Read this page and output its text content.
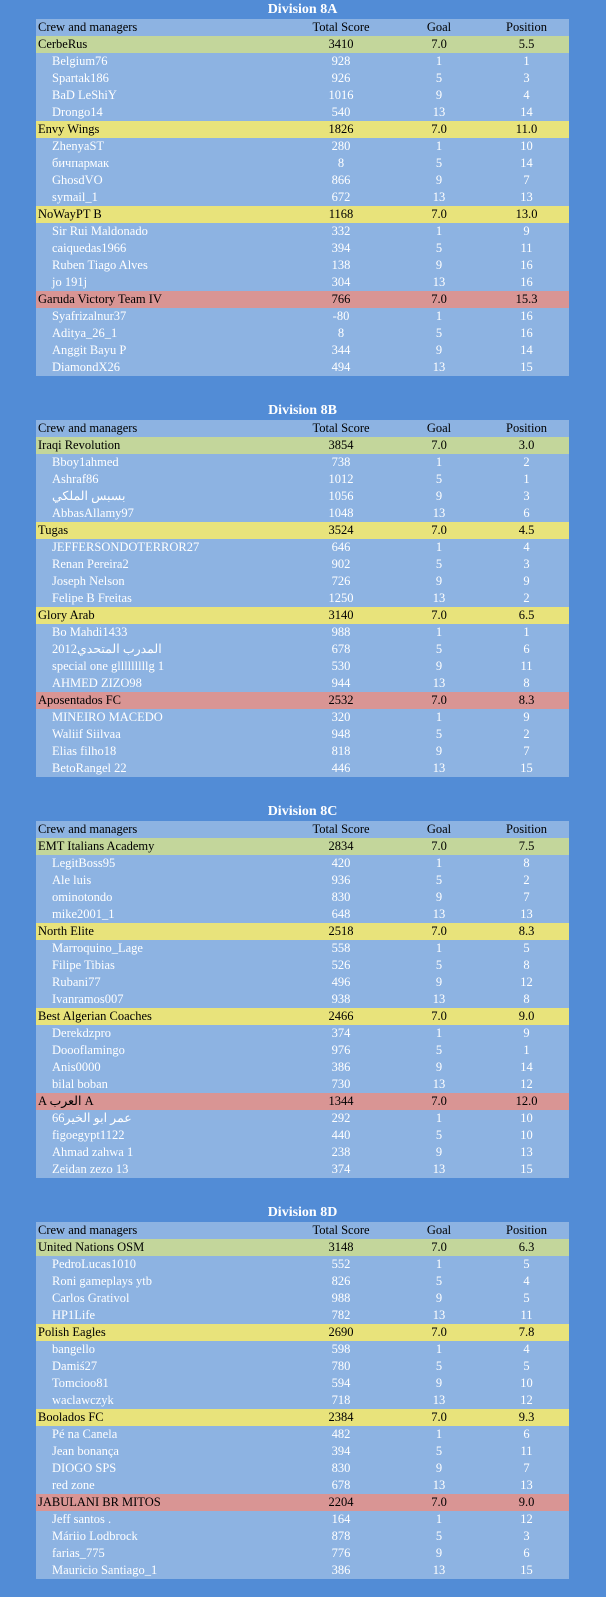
Division 8A
Crew and managers	Total Score	Goal	Position
CerbeRus	3410	7.0	5.5
Belgium76	928	1	1
Spartak186	926	5	3
BaD LeShiY	1016	9	4
Drongo14	540	13	14
Envy Wings	1826	7.0	11.0
ZhenyaST	280	1	10
бичпармак	8	5	14
GhosdVO	866	9	7
symail_1	672	13	13
NoWayPT B	1168	7.0	13.0
Sir Rui Maldonado	332	1	9
caiquedas1966	394	5	11
Ruben Tiago Alves	138	9	16
jo 191j	304	13	16
Garuda Victory Team IV	766	7.0	15.3
Syafrizalnur37	-80	1	16
Aditya_26_1	8	5	16
Anggit Bayu P	344	9	14
DiamondX26	494	13	15
Division 8B
Crew and managers	Total Score	Goal	Position
Iraqi Revolution	3854	7.0	3.0
Bboy1ahmed	738	1	2
Ashraf86	1012	5	1
بسبس الملكي	1056	9	3
AbbasAllamy97	1048	13	6
Tugas	3524	7.0	4.5
JEFFERSONDOTERROR27	646	1	4
Renan Pereira2	902	5	3
Joseph Nelson	726	9	9
Felipe B Freitas	1250	13	2
Glory Arab	3140	7.0	6.5
Bo Mahdi1433	988	1	1
المدرب المتحدي2012	678	5	6
special one glllllllllg 1	530	9	11
AHMED ZIZO98	944	13	8
Aposentados FC	2532	7.0	8.3
MINEIRO MACEDO	320	1	9
Waliif Siilvaa	948	5	2
Elias filho18	818	9	7
BetoRangel 22	446	13	15
Division 8C
Crew and managers	Total Score	Goal	Position
EMT Italians Academy	2834	7.0	7.5
LegitBoss95	420	1	8
Ale luis	936	5	2
ominotondo	830	9	7
mike2001_1	648	13	13
North Elite	2518	7.0	8.3
Marroquino_Lage	558	1	5
Filipe Tibias	526	5	8
Rubani77	496	9	12
Ivanramos007	938	13	8
Best Algerian Coaches	2466	7.0	9.0
Derekdzpro	374	1	9
Doooflamingo	976	5	1
Anis0000	386	9	14
bilal boban	730	13	12
A العرب A	1344	7.0	12.0
عمر ابو الخير66	292	1	10
figoegypt1122	440	5	10
Ahmad zahwa 1	238	9	13
Zeidan zezo 13	374	13	15
Division 8D
Crew and managers	Total Score	Goal	Position
United Nations OSM	3148	7.0	6.3
PedroLucas1010	552	1	5
Roni gameplays ytb	826	5	4
Carlos Grativol	988	9	5
HP1Life	782	13	11
Polish Eagles	2690	7.0	7.8
bangello	598	1	4
Damiś27	780	5	5
Tomcioo81	594	9	10
waclawczyk	718	13	12
Boolados FC	2384	7.0	9.3
Pé na Canela	482	1	6
Jean bonança	394	5	11
DIOGO SPS	830	9	7
red zone	678	13	13
JABULANI BR MITOS	2204	7.0	9.0
Jeff santos .	164	1	12
Máriio Lodbrock	878	5	3
farias_775	776	9	6
Mauricio Santiago_1	386	13	15
